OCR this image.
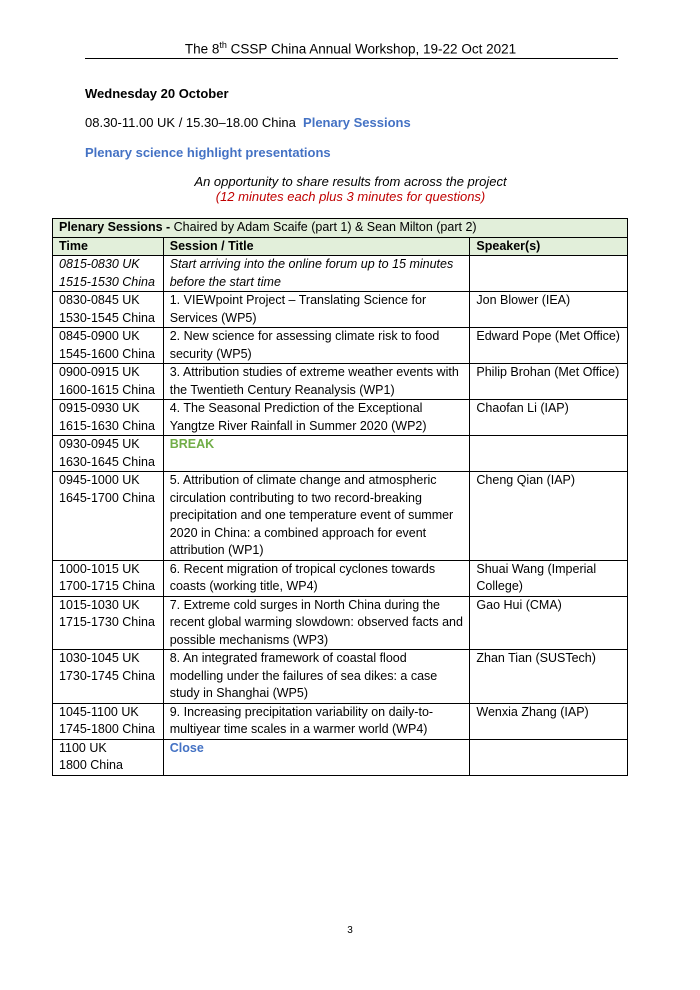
The 8th CSSP China Annual Workshop, 19-22 Oct 2021
Wednesday 20 October
08.30-11.00 UK / 15.30–18.00 China Plenary Sessions
Plenary science highlight presentations
An opportunity to share results from across the project
(12 minutes each plus 3 minutes for questions)
Plenary Sessions - Chaired by Adam Scaife (part 1) & Sean Milton (part 2)		
Time	Session / Title	Speaker(s)

0815-0830 UK
1515-1530 China	Start arriving into the online forum up to 15 minutes before the start time	

0830-0845 UK
1530-1545 China	1. VIEWpoint Project – Translating Science for Services (WP5)	Jon Blower (IEA)

0845-0900 UK
1545-1600 China	2. New science for assessing climate risk to food security (WP5)	Edward Pope (Met Office)

0900-0915 UK
1600-1615 China	3. Attribution studies of extreme weather events with the Twentieth Century Reanalysis (WP1)	Philip Brohan (Met Office)

0915-0930 UK
1615-1630 China	4. The Seasonal Prediction of the Exceptional Yangtze River Rainfall in Summer 2020 (WP2)	Chaofan Li (IAP)

0930-0945 UK
1630-1645 China	BREAK	

0945-1000 UK
1645-1700 China	5. Attribution of climate change and atmospheric circulation contributing to two record-breaking precipitation and one temperature event of summer 2020 in China: a combined approach for event attribution (WP1)	Cheng Qian (IAP)

1000-1015 UK
1700-1715 China	6. Recent migration of tropical cyclones towards coasts (working title, WP4)	Shuai Wang (Imperial College)

1015-1030 UK
1715-1730 China	7. Extreme cold surges in North China during the recent global warming slowdown: observed facts and possible mechanisms (WP3)	Gao Hui (CMA)

1030-1045 UK
1730-1745 China	8. An integrated framework of coastal flood modelling under the failures of sea dikes: a case study in Shanghai (WP5)	Zhan Tian (SUSTech)

1045-1100 UK
1745-1800 China	9. Increasing precipitation variability on daily-to-multiyear time scales in a warmer world (WP4)	Wenxia Zhang (IAP)

1100 UK
1800 China	Close	
3
